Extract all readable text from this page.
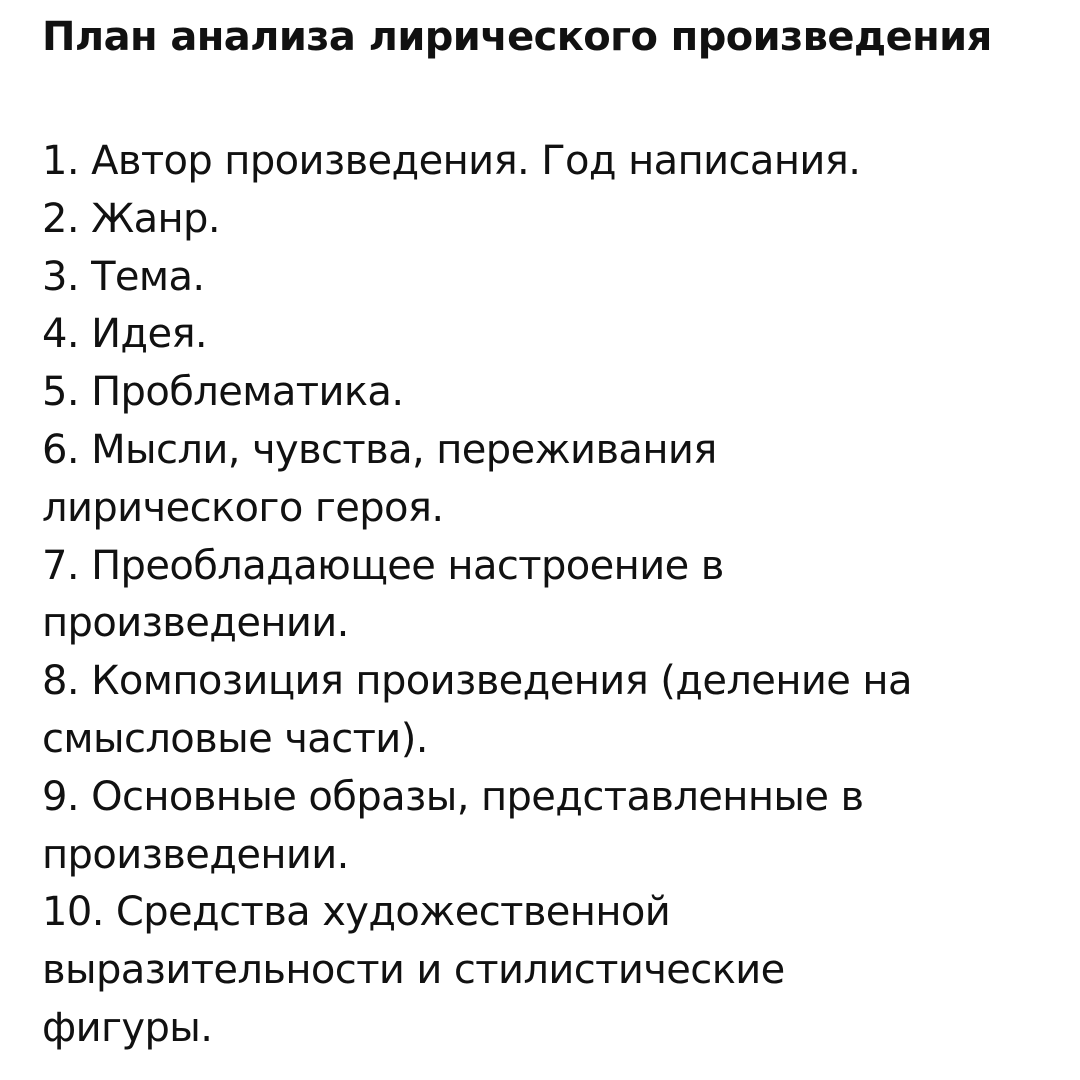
План анализа лирического произведения
1. Автор произведения. Год написания.
2. Жанр.
3. Тема.
4. Идея.
5. Проблематика.
6. Мысли, чувства, переживания лирического героя.
7. Преобладающее настроение в произведении.
8. Композиция произведения (деление на смысловые части).
9. Основные образы, представленные в произведении.
10. Средства художественной выразительности и стилистические фигуры.
